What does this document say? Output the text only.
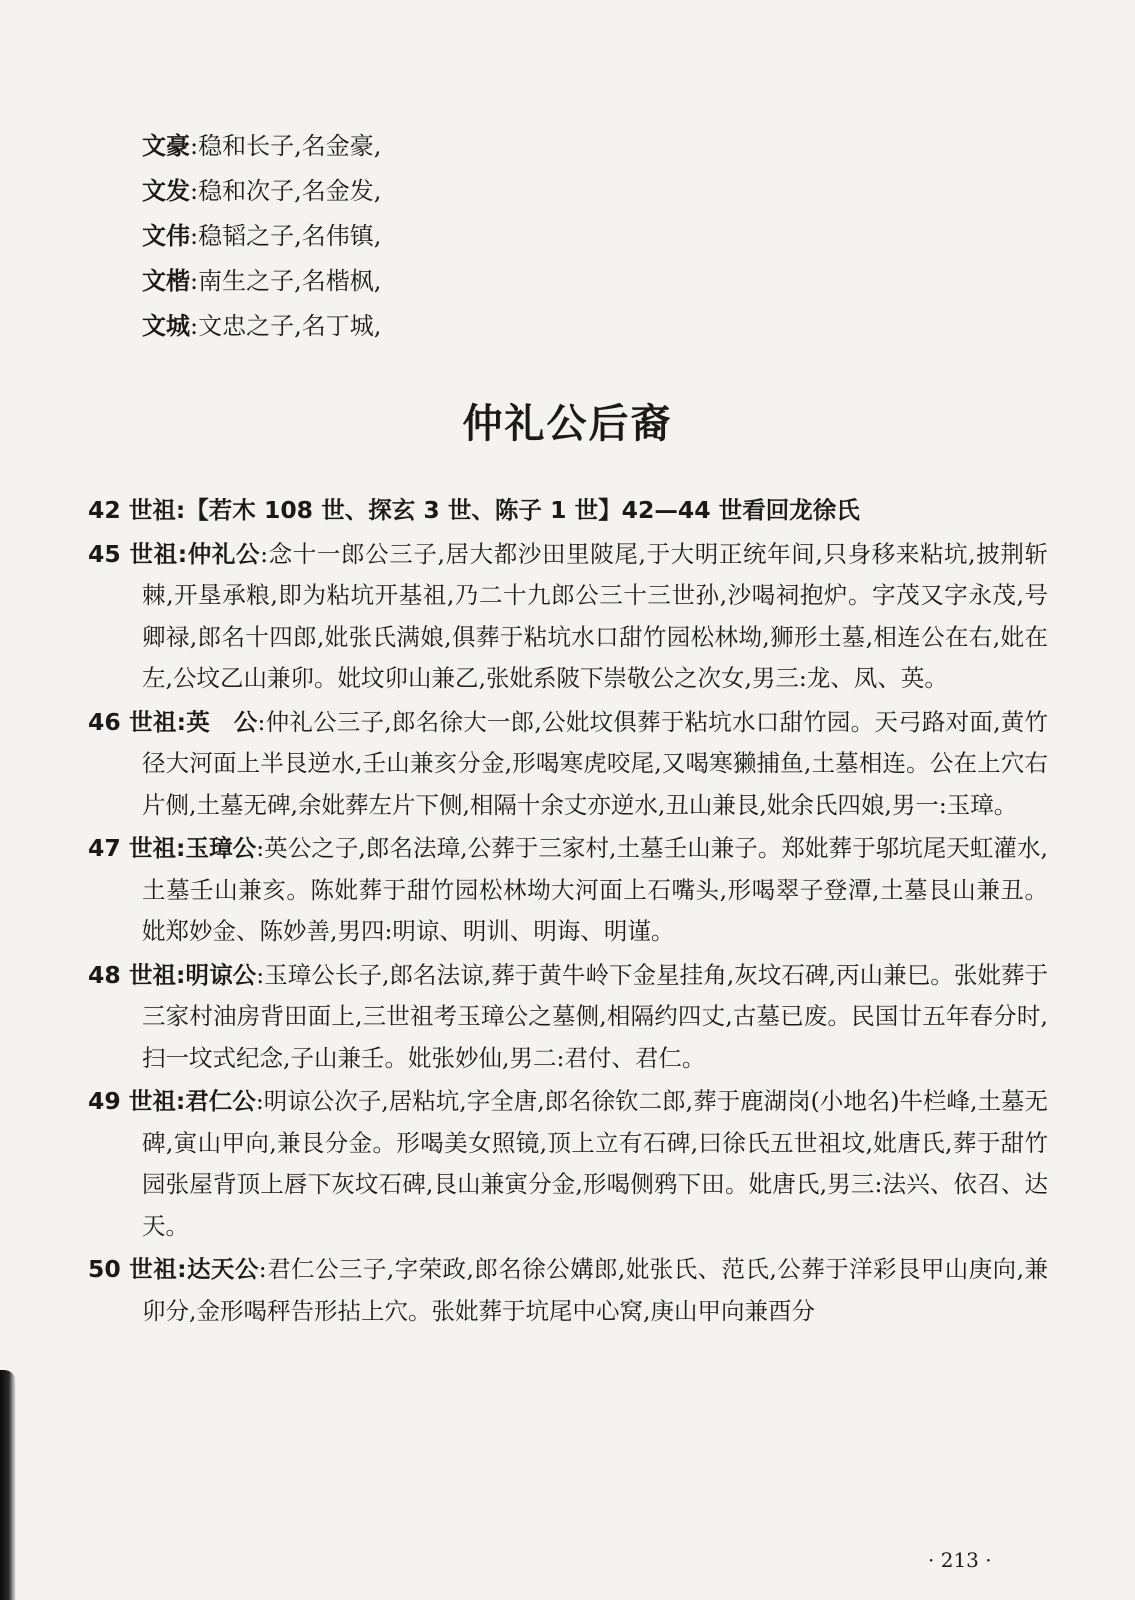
文豪:稳和长子,名金豪,
文发:稳和次子,名金发,
文伟:稳韬之子,名伟镇,
文楷:南生之子,名楷枫,
文城:文忠之子,名丁城,
仲礼公后裔
42 世祖:【若木 108 世、探玄 3 世、陈子 1 世】42—44 世看回龙徐氏
45 世祖:仲礼公:念十一郎公三子,居大都沙田里陂尾,于大明正统年间,只身移来粘坑,披荆斩棘,开垦承粮,即为粘坑开基祖,乃二十九郎公三十三世孙,沙喝祠抱炉。字茂又字永茂,号卿禄,郎名十四郎,妣张氏满娘,俱葬于粘坑水口甜竹园松林坳,狮形土墓,相连公在右,妣在左,公坟乙山兼卯。妣坟卯山兼乙,张妣系陂下崇敬公之次女,男三:龙、凤、英。
46 世祖:英　公:仲礼公三子,郎名徐大一郎,公妣坟俱葬于粘坑水口甜竹园。天弓路对面,黄竹径大河面上半艮逆水,壬山兼亥分金,形喝寒虎咬尾,又喝寒獭捕鱼,土墓相连。公在上穴右片侧,土墓无碑,余妣葬左片下侧,相隔十余丈亦逆水,丑山兼艮,妣余氏四娘,男一:玉璋。
47 世祖:玉璋公:英公之子,郎名法璋,公葬于三家村,土墓壬山兼子。郑妣葬于邬坑尾天虹灌水,土墓壬山兼亥。陈妣葬于甜竹园松林坳大河面上石嘴头,形喝翠子登潭,土墓艮山兼丑。妣郑妙金、陈妙善,男四:明谅、明训、明诲、明谨。
48 世祖:明谅公:玉璋公长子,郎名法谅,葬于黄牛岭下金星挂角,灰坟石碑,丙山兼巳。张妣葬于三家村油房背田面上,三世祖考玉璋公之墓侧,相隔约四丈,古墓已废。民国廿五年春分时,扫一坟式纪念,子山兼壬。妣张妙仙,男二:君付、君仁。
49 世祖:君仁公:明谅公次子,居粘坑,字全唐,郎名徐钦二郎,葬于鹿湖岗(小地名)牛栏峰,土墓无碑,寅山甲向,兼艮分金。形喝美女照镜,顶上立有石碑,曰徐氏五世祖坟,妣唐氏,葬于甜竹园张屋背顶上唇下灰坟石碑,艮山兼寅分金,形喝侧鸦下田。妣唐氏,男三:法兴、依召、达天。
50 世祖:达天公:君仁公三子,字荣政,郎名徐公媾郎,妣张氏、范氏,公葬于洋彩艮甲山庚向,兼卯分,金形喝秤告形拈上穴。张妣葬于坑尾中心窝,庚山甲向兼酉分
· 213 ·
